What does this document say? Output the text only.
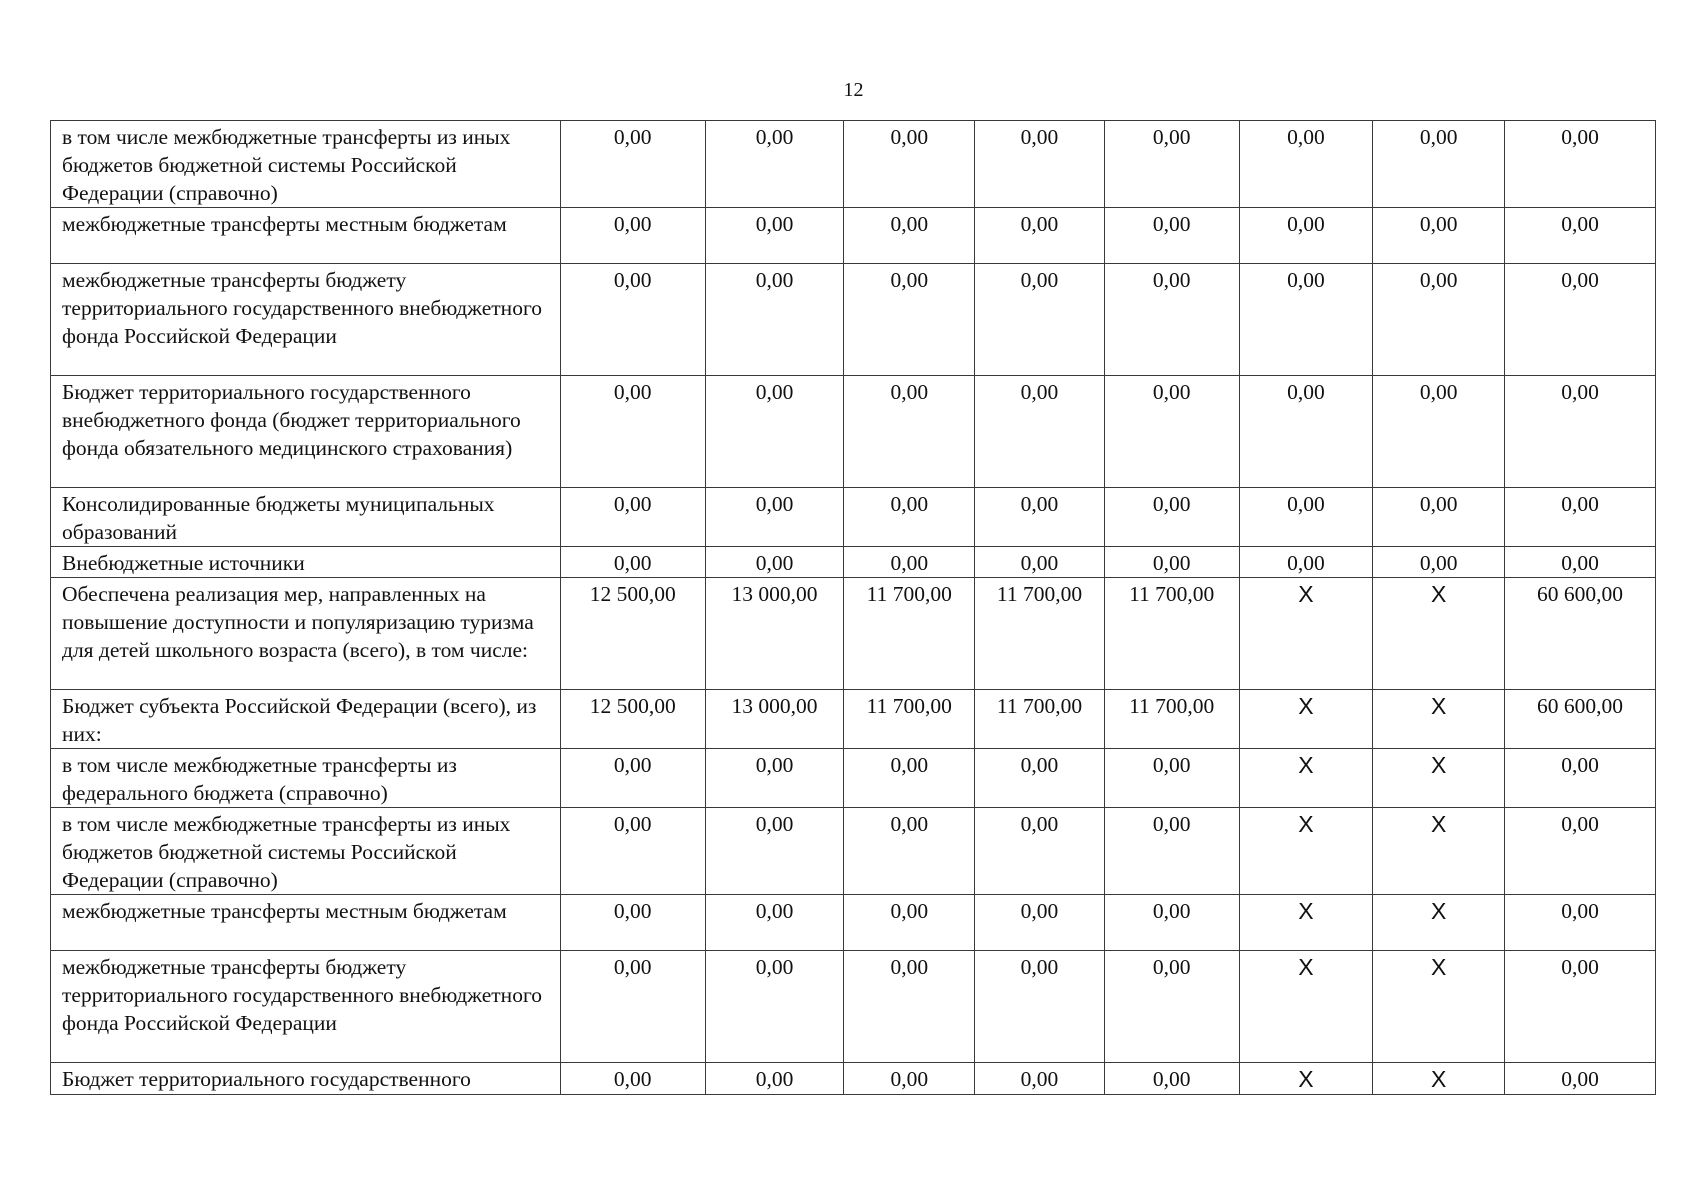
12
в том числе межбюджетные трансферты из иных бюджетов бюджетной системы Российской Федерации (справочно)	0,00	0,00	0,00	0,00	0,00	0,00	0,00	0,00
межбюджетные трансферты местным бюджетам	0,00	0,00	0,00	0,00	0,00	0,00	0,00	0,00
межбюджетные трансферты бюджету территориального государственного внебюджетного фонда Российской Федерации	0,00	0,00	0,00	0,00	0,00	0,00	0,00	0,00
Бюджет территориального государственного внебюджетного фонда (бюджет территориального фонда обязательного медицинского страхования)	0,00	0,00	0,00	0,00	0,00	0,00	0,00	0,00
Консолидированные бюджеты муниципальных образований	0,00	0,00	0,00	0,00	0,00	0,00	0,00	0,00
Внебюджетные источники	0,00	0,00	0,00	0,00	0,00	0,00	0,00	0,00
Обеспечена реализация мер, направленных на повышение доступности и популяризацию туризма для детей школьного возраста (всего), в том числе:	12 500,00	13 000,00	11 700,00	11 700,00	11 700,00	X	X	60 600,00
Бюджет субъекта Российской Федерации (всего), из них:	12 500,00	13 000,00	11 700,00	11 700,00	11 700,00	X	X	60 600,00
в том числе межбюджетные трансферты из федерального бюджета (справочно)	0,00	0,00	0,00	0,00	0,00	X	X	0,00
в том числе межбюджетные трансферты из иных бюджетов бюджетной системы Российской Федерации (справочно)	0,00	0,00	0,00	0,00	0,00	X	X	0,00
межбюджетные трансферты местным бюджетам	0,00	0,00	0,00	0,00	0,00	X	X	0,00
межбюджетные трансферты бюджету территориального государственного внебюджетного фонда Российской Федерации	0,00	0,00	0,00	0,00	0,00	X	X	0,00
Бюджет территориального государственного	0,00	0,00	0,00	0,00	0,00	X	X	0,00
